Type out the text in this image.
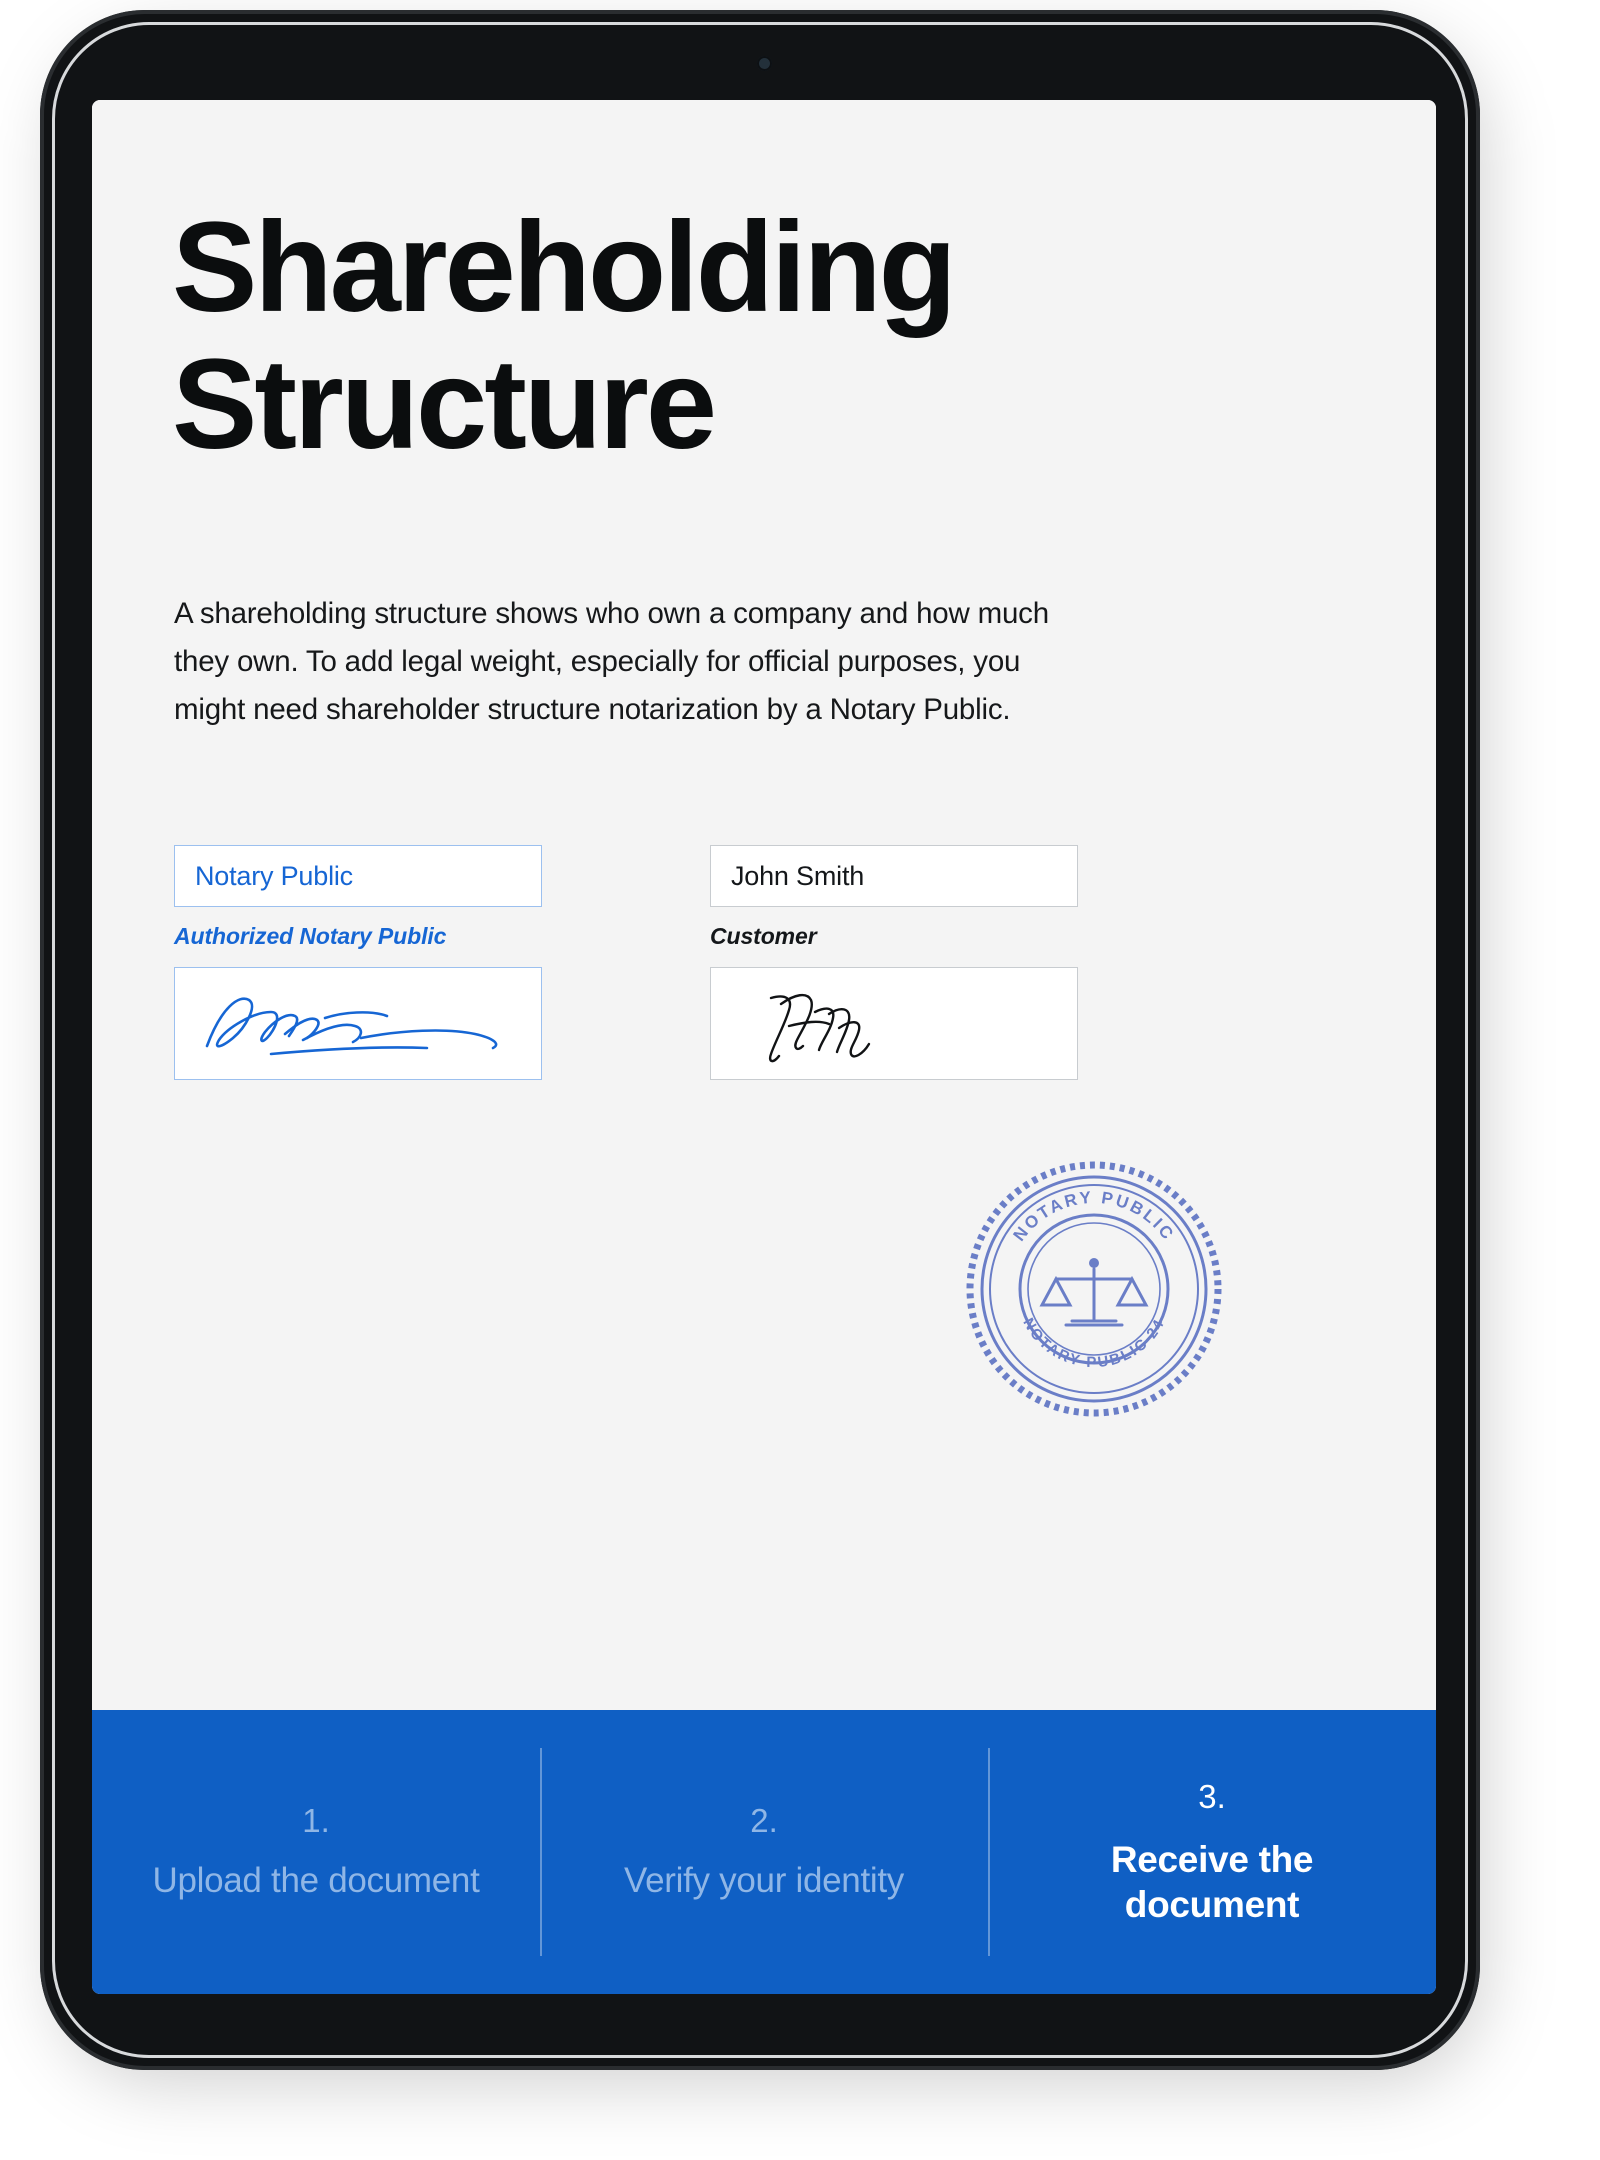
Shareholding Structure
A shareholding structure shows who own a company and how much they own. To add legal weight, especially for official purposes, you might need shareholder structure notarization by a Notary Public.
Notary Public
Authorized Notary Public
John Smith
Customer
NOTARY PUBLIC
NOTARY PUBLIC 24
1.
Upload the document
2.
Verify your identity
3.
Receive the document
